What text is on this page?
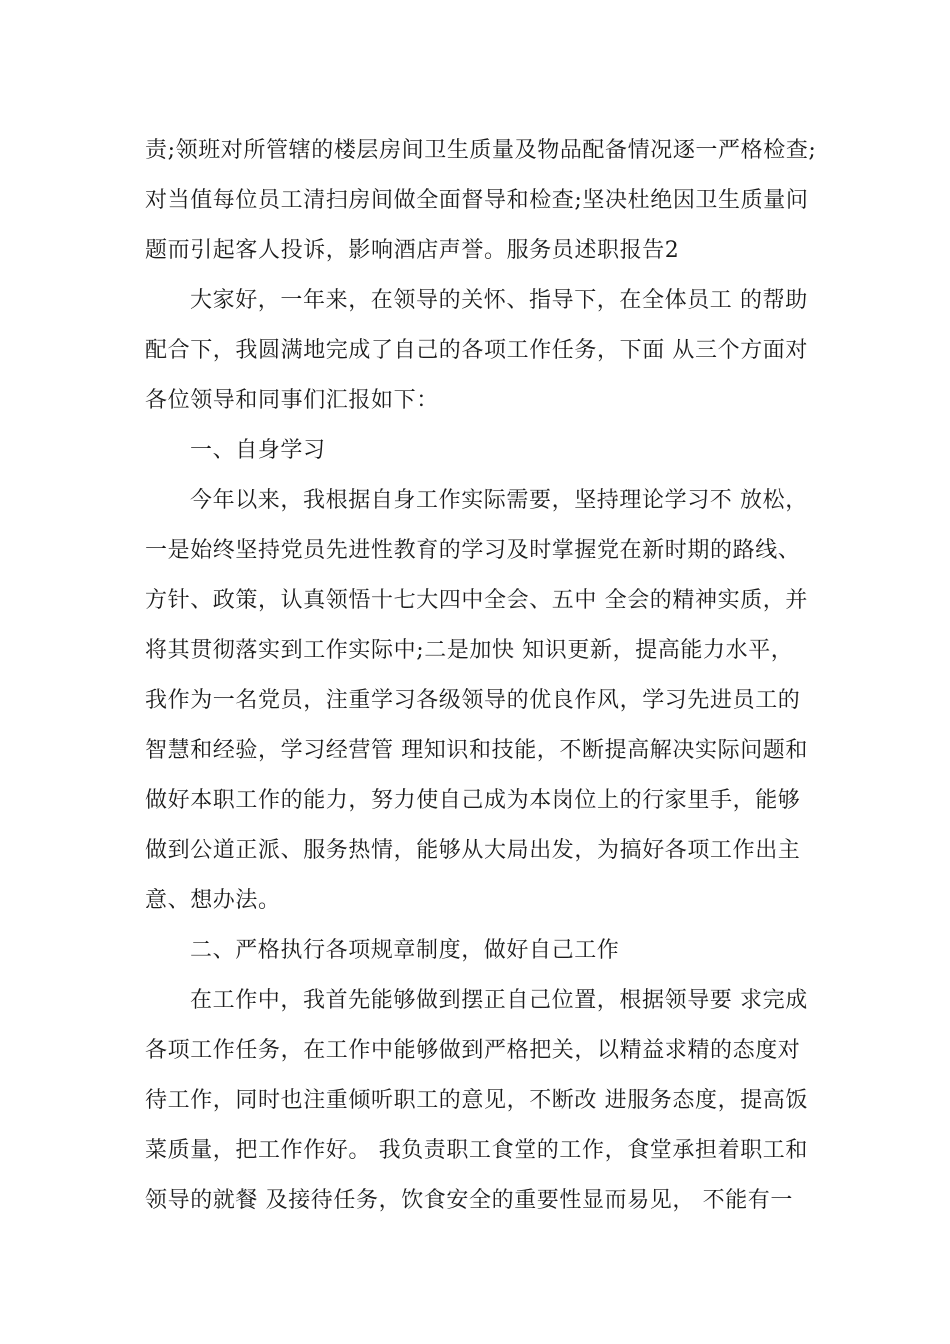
责;领班对所管辖的楼层房间卫生质量及物品配备情况逐一严格检查;
对当值每位员工清扫房间做全面督导和检查;坚决杜绝因卫生质量问
题而引起客人投诉，影响酒店声誉。服务员述职报告2
大家好，一年来，在领导的关怀、指导下，在全体员工 的帮助
配合下，我圆满地完成了自己的各项工作任务，下面 从三个方面对
各位领导和同事们汇报如下：
一、自身学习
今年以来，我根据自身工作实际需要，坚持理论学习不 放松，
一是始终坚持党员先进性教育的学习及时掌握党在新时期的路线、
方针、政策，认真领悟十七大四中全会、五中 全会的精神实质，并
将其贯彻落实到工作实际中;二是加快 知识更新，提高能力水平，
我作为一名党员，注重学习各级领导的优良作风，学习先进员工的
智慧和经验，学习经营管 理知识和技能，不断提高解决实际问题和
做好本职工作的能力，努力使自己成为本岗位上的行家里手，能够
做到公道正派、服务热情，能够从大局出发，为搞好各项工作出主
意、想办法。
二、严格执行各项规章制度，做好自己工作
在工作中，我首先能够做到摆正自己位置，根据领导要 求完成
各项工作任务，在工作中能够做到严格把关，以精益求精的态度对
待工作，同时也注重倾听职工的意见，不断改 进服务态度，提高饭
菜质量，把工作作好。 我负责职工食堂的工作，食堂承担着职工和
领导的就餐 及接待任务，饮食安全的重要性显而易见， 不能有一
